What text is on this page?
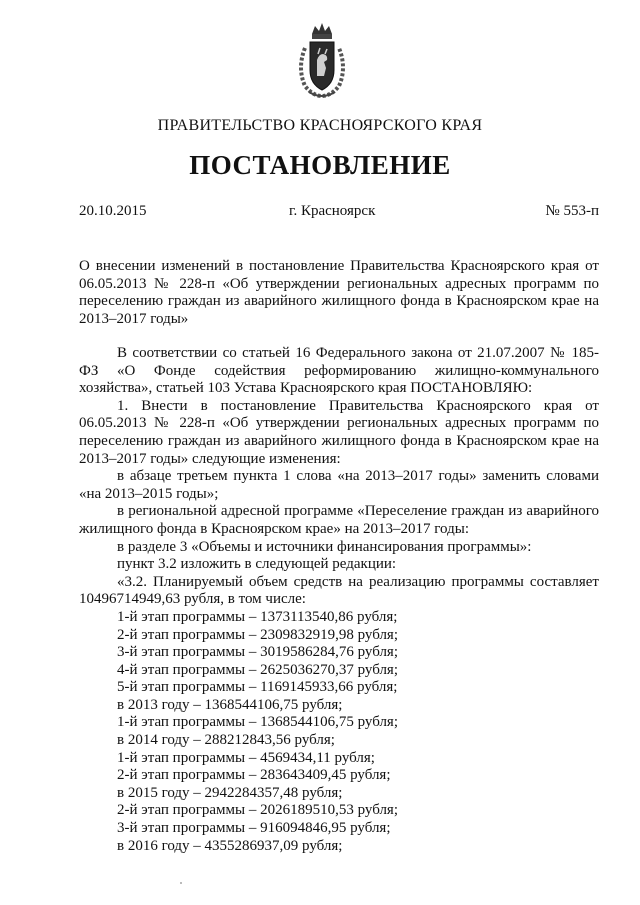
ПРАВИТЕЛЬСТВО КРАСНОЯРСКОГО КРАЯ
ПОСТАНОВЛЕНИЕ
20.10.2015	г. Красноярск	№ 553-п

О внесении изменений в постановление Правительства Красноярского края от 06.05.2013 № 228-п «Об утверждении региональных адресных программ по переселению граждан из аварийного жилищного фонда в Красноярском крае на 2013–2017 годы»

В соответствии со статьей 16 Федерального закона от 21.07.2007 № 185-ФЗ «О Фонде содействия реформированию жилищно-коммунального хозяйства», статьей 103 Устава Красноярского края ПОСТАНОВЛЯЮ:

1. Внести в постановление Правительства Красноярского края от 06.05.2013 № 228-п «Об утверждении региональных адресных программ по переселению граждан из аварийного жилищного фонда в Красноярском крае на 2013–2017 годы» следующие изменения:

в абзаце третьем пункта 1 слова «на 2013–2017 годы» заменить словами «на 2013–2015 годы»;

в региональной адресной программе «Переселение граждан из аварийного жилищного фонда в Красноярском крае» на 2013–2017 годы:

в разделе 3 «Объемы и источники финансирования программы»:

пункт 3.2 изложить в следующей редакции:

«3.2. Планируемый объем средств на реализацию программы составляет 10496714949,63 рубля, в том числе:

1-й этап программы – 1373113540,86 рубля;

2-й этап программы – 2309832919,98 рубля;

3-й этап программы – 3019586284,76 рубля;

4-й этап программы – 2625036270,37 рубля;

5-й этап программы – 1169145933,66 рубля;

в 2013 году – 1368544106,75 рубля;

1-й этап программы – 1368544106,75 рубля;

в 2014 году – 288212843,56 рубля;

1-й этап программы – 4569434,11 рубля;

2-й этап программы – 283643409,45 рубля;

в 2015 году – 2942284357,48 рубля;

2-й этап программы – 2026189510,53 рубля;

3-й этап программы – 916094846,95 рубля;

в 2016 году – 4355286937,09 рубля;
